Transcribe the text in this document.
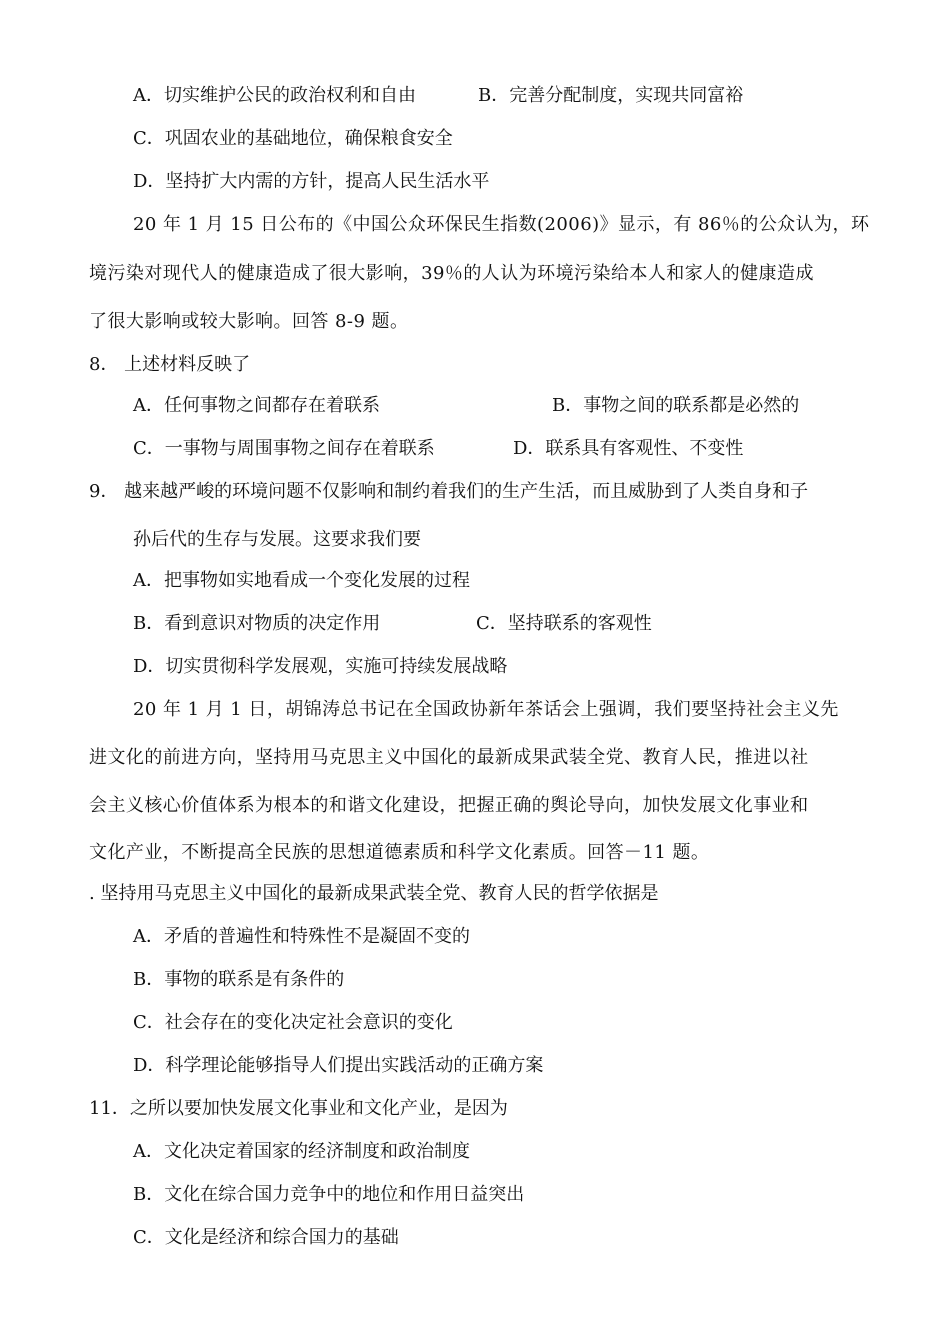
A．切实维护公民的政治权利和自由	B．完善分配制度，实现共同富裕
C．巩固农业的基础地位，确保粮食安全
D．坚持扩大内需的方针，提高人民生活水平
20 年 1 月 15 日公布的《中国公众环保民生指数(2006)》显示，有 86％的公众认为，环
境污染对现代人的健康造成了很大影响，39％的人认为环境污染给本人和家人的健康造成
了很大影响或较大影响。回答 8-9 题。
8． 上述材料反映了
A．任何事物之间都存在着联系	B．事物之间的联系都是必然的
C．一事物与周围事物之间存在着联系	D．联系具有客观性、不变性
9． 越来越严峻的环境问题不仅影响和制约着我们的生产生活，而且威胁到了人类自身和子
孙后代的生存与发展。这要求我们要
A．把事物如实地看成一个变化发展的过程
B．看到意识对物质的决定作用	C．坚持联系的客观性
D．切实贯彻科学发展观，实施可持续发展战略
20 年 1 月 1 日，胡锦涛总书记在全国政协新年茶话会上强调，我们要坚持社会主义先
进文化的前进方向，坚持用马克思主义中国化的最新成果武装全党、教育人民，推进以社
会主义核心价值体系为根本的和谐文化建设，把握正确的舆论导向，加快发展文化事业和
文化产业，不断提高全民族的思想道德素质和科学文化素质。回答－11 题。
. 坚持用马克思主义中国化的最新成果武装全党、教育人民的哲学依据是
A．矛盾的普遍性和特殊性不是凝固不变的
B．事物的联系是有条件的
C．社会存在的变化决定社会意识的变化
D．科学理论能够指导人们提出实践活动的正确方案
11．之所以要加快发展文化事业和文化产业，是因为
A．文化决定着国家的经济制度和政治制度
B．文化在综合国力竞争中的地位和作用日益突出
C．文化是经济和综合国力的基础
